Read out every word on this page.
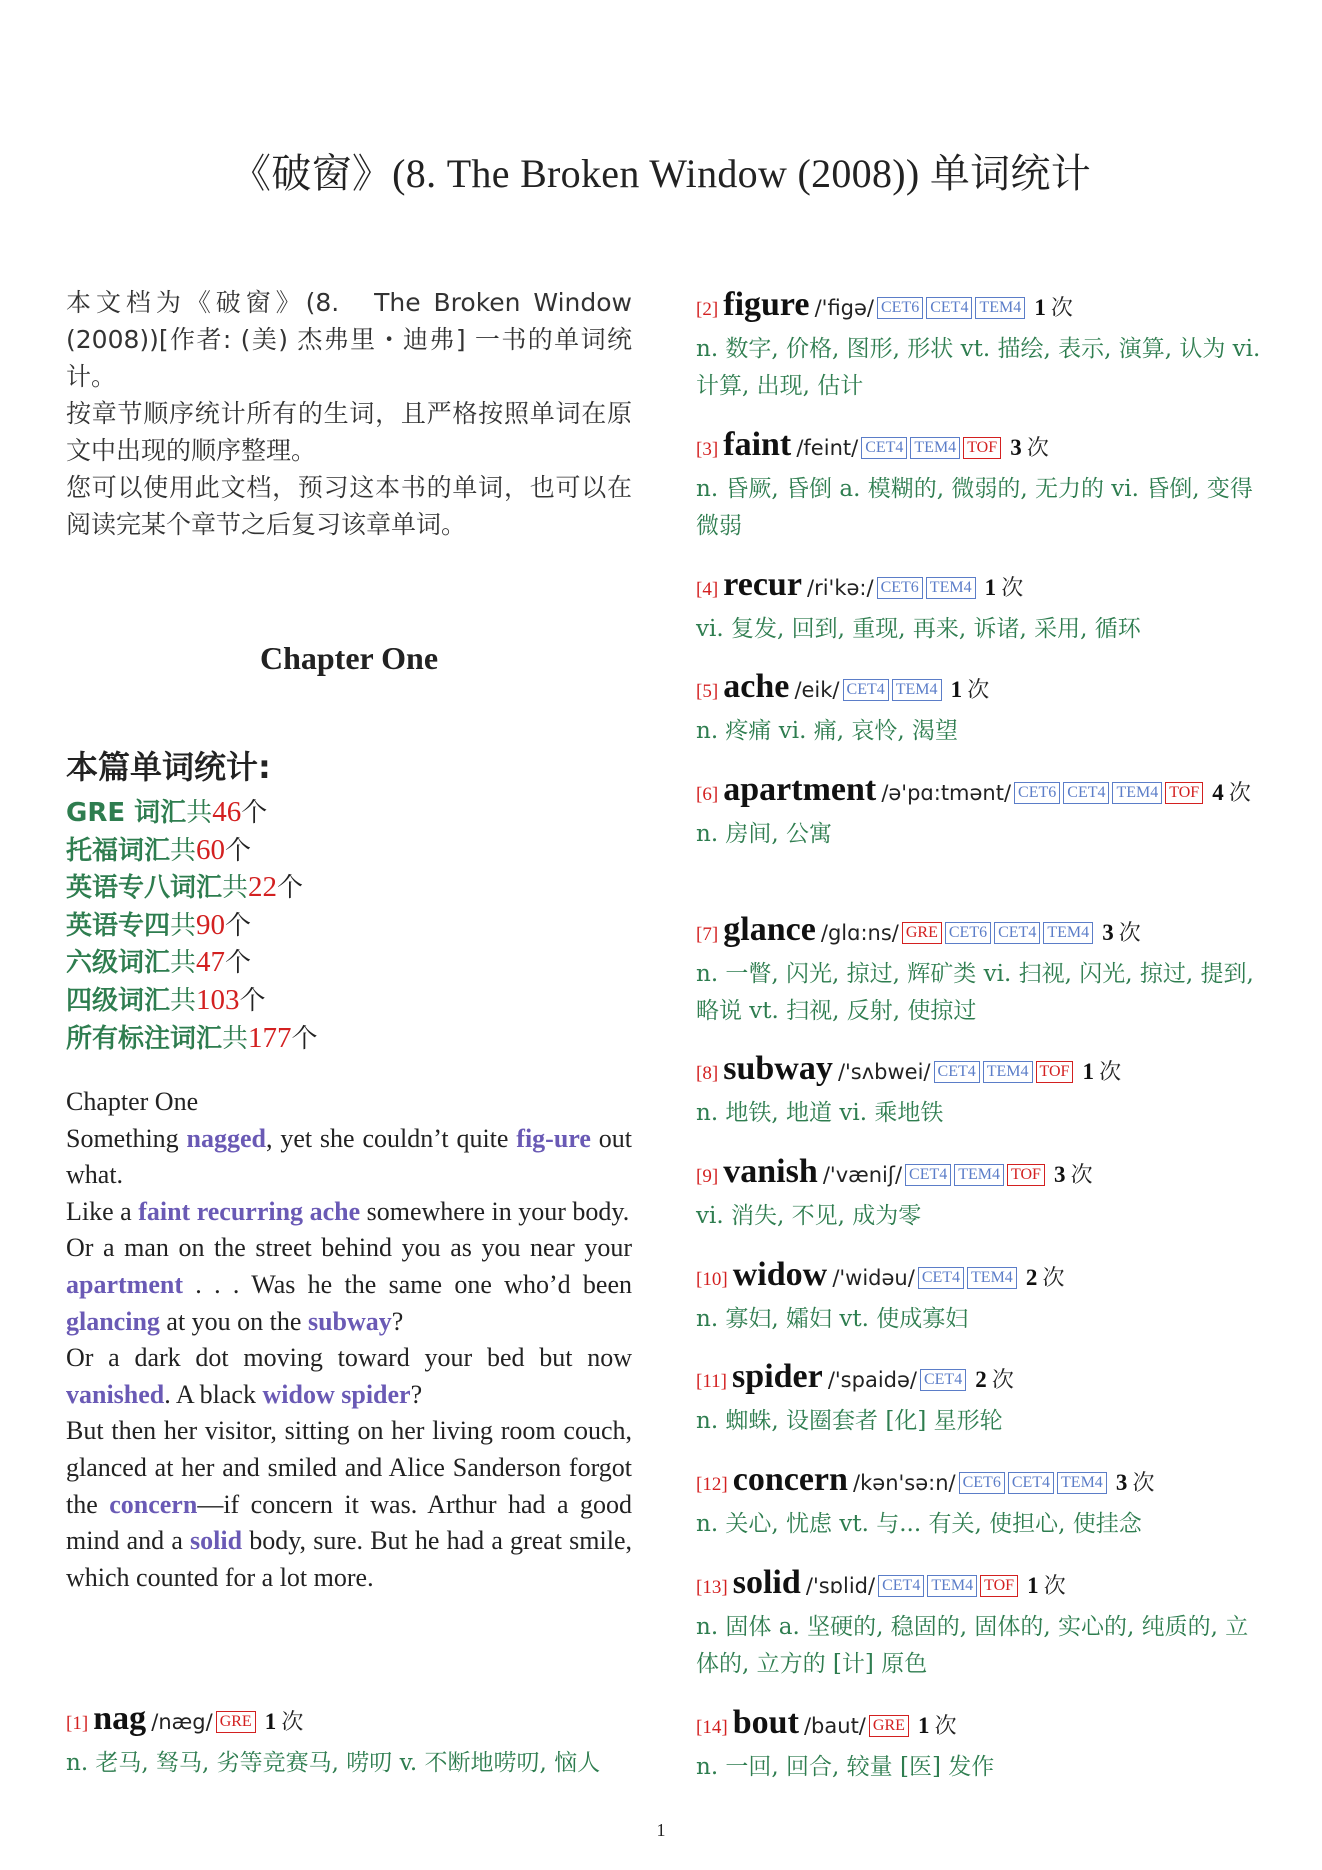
《破窗》(8. The Broken Window (2008)) 单词统计

本文档为《破窗》(8.　The Broken Window (2008))[作者: (美) 杰弗里・迪弗] 一书的单词统计。

按章节顺序统计所有的生词，且严格按照单词在原文中出现的顺序整理。

您可以使用此文档，预习这本书的单词，也可以在阅读完某个章节之后复习该章单词。

Chapter One
本篇单词统计:
GRE 词汇共46个
托福词汇共60个
英语专八词汇共22个
英语专四共90个
六级词汇共47个
四级词汇共103个
所有标注词汇共177个

Chapter One

Something nagged, yet she couldn’t quite fig-ure out what.

Like a faint recurring ache somewhere in your body.

Or a man on the street behind you as you near your apartment . . . Was he the same one who’d been glancing at you on the subway?

Or a dark dot moving toward your bed but now vanished. A black widow spider?

But then her visitor, sitting on her living room couch, glanced at her and smiled and Alice Sanderson forgot the concern—if concern it was. Arthur had a good mind and a solid body, sure. But he had a great smile, which counted for a lot more.

[1] nag /næg/ GRE 1 次
n. 老马, 驽马, 劣等竞赛马, 唠叨 v. 不断地唠叨, 恼人
[2] figure /'figə/ CET6 CET4 TEM4 1 次
n. 数字, 价格, 图形, 形状 vt. 描绘, 表示, 演算, 认为 vi. 计算, 出现, 估计
[3] faint /feint/ CET4 TEM4 TOF 3 次
n. 昏厥, 昏倒 a. 模糊的, 微弱的, 无力的 vi. 昏倒, 变得微弱
[4] recur /ri'kə:/ CET6 TEM4 1 次
vi. 复发, 回到, 重现, 再来, 诉诸, 采用, 循环
[5] ache /eik/ CET4 TEM4 1 次
n. 疼痛 vi. 痛, 哀怜, 渴望
[6] apartment /ə'pɑ:tmənt/ CET6 CET4 TEM4 TOF 4 次
n. 房间, 公寓
[7] glance /glɑ:ns/ GRE CET6 CET4 TEM4 3 次
n. 一瞥, 闪光, 掠过, 辉矿类 vi. 扫视, 闪光, 掠过, 提到, 略说 vt. 扫视, 反射, 使掠过
[8] subway /'sʌbwei/ CET4 TEM4 TOF 1 次
n. 地铁, 地道 vi. 乘地铁
[9] vanish /'væniʃ/ CET4 TEM4 TOF 3 次
vi. 消失, 不见, 成为零
[10] widow /'widəu/ CET4 TEM4 2 次
n. 寡妇, 孀妇 vt. 使成寡妇
[11] spider /'spaidə/ CET4 2 次
n. 蜘蛛, 设圈套者 [化] 星形轮
[12] concern /kən'sə:n/ CET6 CET4 TEM4 3 次
n. 关心, 忧虑 vt. 与... 有关, 使担心, 使挂念
[13] solid /'sɒlid/ CET4 TEM4 TOF 1 次
n. 固体 a. 坚硬的, 稳固的, 固体的, 实心的, 纯质的, 立体的, 立方的 [计] 原色
[14] bout /baut/ GRE 1 次
n. 一回, 回合, 较量 [医] 发作
1
